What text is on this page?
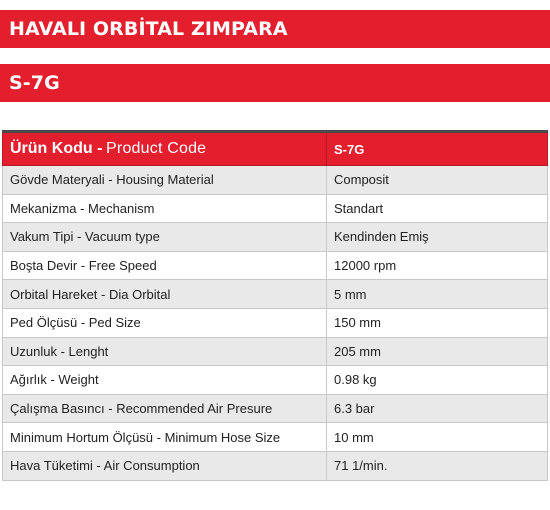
HAVALI ORBİTAL ZIMPARA
S-7G
Ürün Kodu - Product Code	S-7G
Gövde Materyali - Housing Material	Composit
Mekanizma - Mechanism	Standart
Vakum Tipi - Vacuum type	Kendinden Emiş
Boşta Devir - Free Speed	12000 rpm
Orbital Hareket - Dia Orbital	5 mm
Ped Ölçüsü - Ped Size	150 mm
Uzunluk - Lenght	205 mm
Ağırlık - Weight	0.98 kg
Çalışma Basıncı - Recommended Air Presure	6.3 bar
Minimum Hortum Ölçüsü - Minimum Hose Size	10 mm
Hava Tüketimi - Air Consumption	71 1/min.
